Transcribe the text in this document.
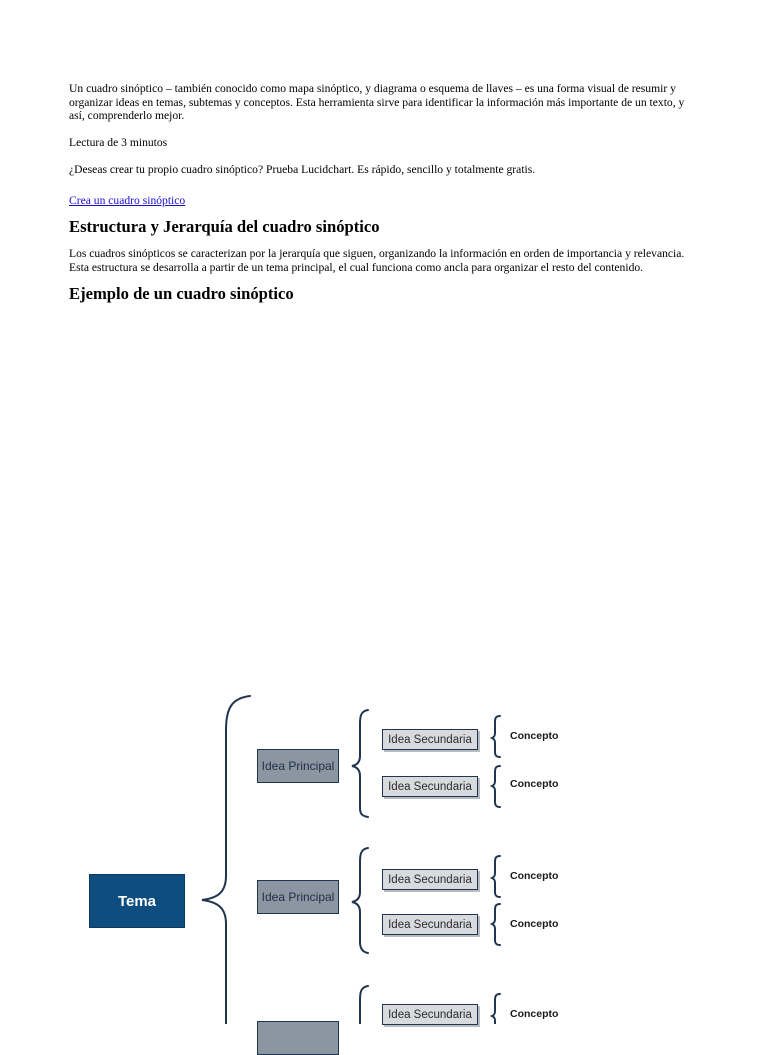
Un cuadro sinóptico – también conocido como mapa sinóptico, y diagrama o esquema de llaves – es una forma visual de resumir y organizar ideas en temas, subtemas y conceptos. Esta herramienta sirve para identificar la información más importante de un texto, y así, comprenderlo mejor.

Lectura de 3 minutos

¿Deseas crear tu propio cuadro sinóptico? Prueba Lucidchart. Es rápido, sencillo y totalmente gratis.

Crea un cuadro sinóptico
Estructura y Jerarquía del cuadro sinóptico

Los cuadros sinópticos se caracterizan por la jerarquía que siguen, organizando la información en orden de importancia y relevancia. Esta estructura se desarrolla a partir de un tema principal, el cual funciona como ancla para organizar el resto del contenido.

Ejemplo de un cuadro sinóptico
Tema
Idea Principal
Idea Principal
Idea Secundaria
Idea Secundaria
Idea Secundaria
Idea Secundaria
Idea Secundaria
Concepto
Concepto
Concepto
Concepto
Concepto
